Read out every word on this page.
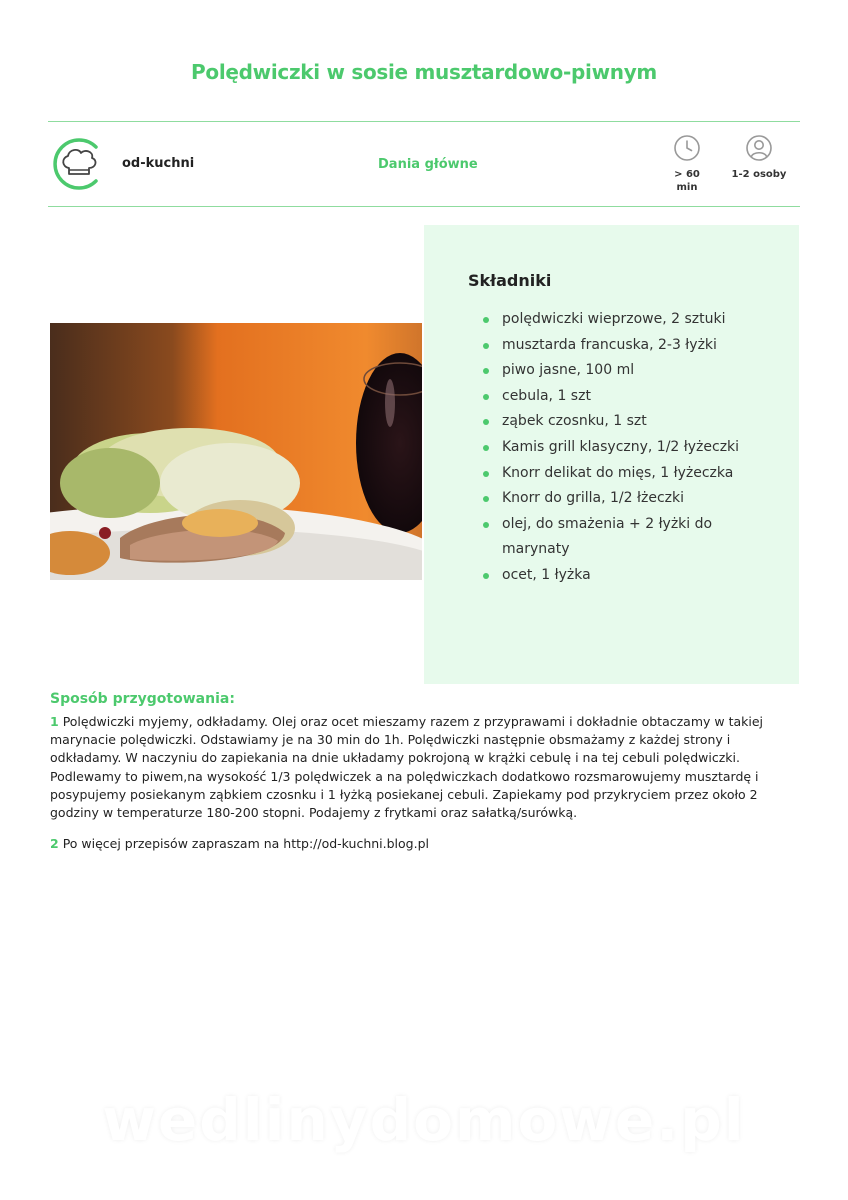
Polędwiczki w sosie musztardowo-piwnym
od-kuchni	Dania główne
> 60 min
1-2 osoby
Składniki
polędwiczki wieprzowe, 2 sztuki
musztarda francuska, 2-3 łyżki
piwo jasne, 100 ml
cebula, 1 szt
ząbek czosnku, 1 szt
Kamis grill klasyczny, 1/2 łyżeczki
Knorr delikat do mięs, 1 łyżeczka
Knorr do grilla, 1/2 łżeczki
olej, do smażenia + 2 łyżki do marynaty
ocet, 1 łyżka
Sposób przygotowania:

1 Polędwiczki myjemy, odkładamy. Olej oraz ocet mieszamy razem z przyprawami i dokładnie obtaczamy w takiej marynacie polędwiczki. Odstawiamy je na 30 min do 1h. Polędwiczki następnie obsmażamy z każdej strony i odkładamy. W naczyniu do zapiekania na dnie układamy pokrojoną w krążki cebulę i na tej cebuli polędwiczki. Podlewamy to piwem,na wysokość 1/3 polędwiczek a na polędwiczkach dodatkowo rozsmarowujemy musztardę i posypujemy posiekanym ząbkiem czosnku i 1 łyżką posiekanej cebuli. Zapiekamy pod przykryciem przez około 2 godziny w temperaturze 180-200 stopni. Podajemy z frytkami oraz sałatką/surówką.

2 Po więcej przepisów zapraszam na http://od-kuchni.blog.pl

wedlinydomowe.pl
